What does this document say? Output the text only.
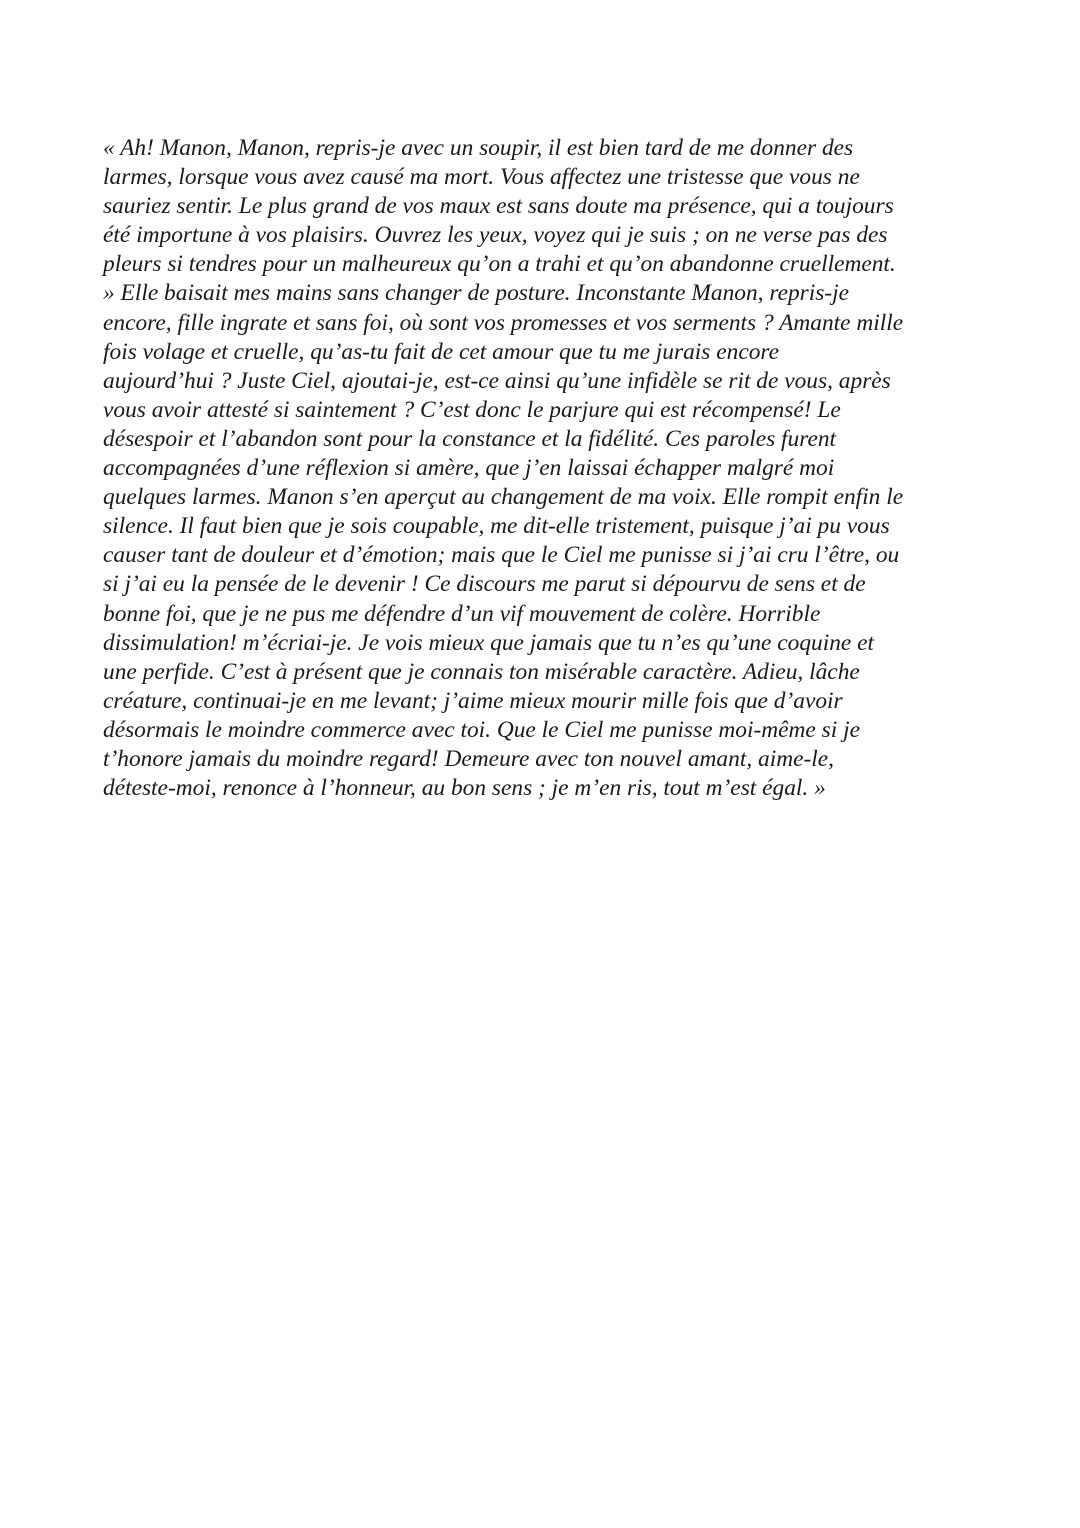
« Ah! Manon, Manon, repris-je avec un soupir, il est bien tard de me donner des
larmes, lorsque vous avez causé ma mort. Vous affectez une tristesse que vous ne
sauriez sentir. Le plus grand de vos maux est sans doute ma présence, qui a toujours
été importune à vos plaisirs. Ouvrez les yeux, voyez qui je suis ; on ne verse pas des
pleurs si tendres pour un malheureux qu’on a trahi et qu’on abandonne cruellement.
» Elle baisait mes mains sans changer de posture. Inconstante Manon, repris-je
encore, fille ingrate et sans foi, où sont vos promesses et vos serments ? Amante mille
fois volage et cruelle, qu’as-tu fait de cet amour que tu me jurais encore
aujourd’hui ? Juste Ciel, ajoutai-je, est-ce ainsi qu’une infidèle se rit de vous, après
vous avoir attesté si saintement ? C’est donc le parjure qui est récompensé! Le
désespoir et l’abandon sont pour la constance et la fidélité. Ces paroles furent
accompagnées d’une réflexion si amère, que j’en laissai échapper malgré moi
quelques larmes. Manon s’en aperçut au changement de ma voix. Elle rompit enfin le
silence. Il faut bien que je sois coupable, me dit-elle tristement, puisque j’ai pu vous
causer tant de douleur et d’émotion; mais que le Ciel me punisse si j’ai cru l’être, ou
si j’ai eu la pensée de le devenir ! Ce discours me parut si dépourvu de sens et de
bonne foi, que je ne pus me défendre d’un vif mouvement de colère. Horrible
dissimulation! m’écriai-je. Je vois mieux que jamais que tu n’es qu’une coquine et
une perfide. C’est à présent que je connais ton misérable caractère. Adieu, lâche
créature, continuai-je en me levant; j’aime mieux mourir mille fois que d’avoir
désormais le moindre commerce avec toi. Que le Ciel me punisse moi-même si je
t’honore jamais du moindre regard! Demeure avec ton nouvel amant, aime-le,
déteste-moi, renonce à l’honneur, au bon sens ; je m’en ris, tout m’est égal. »
